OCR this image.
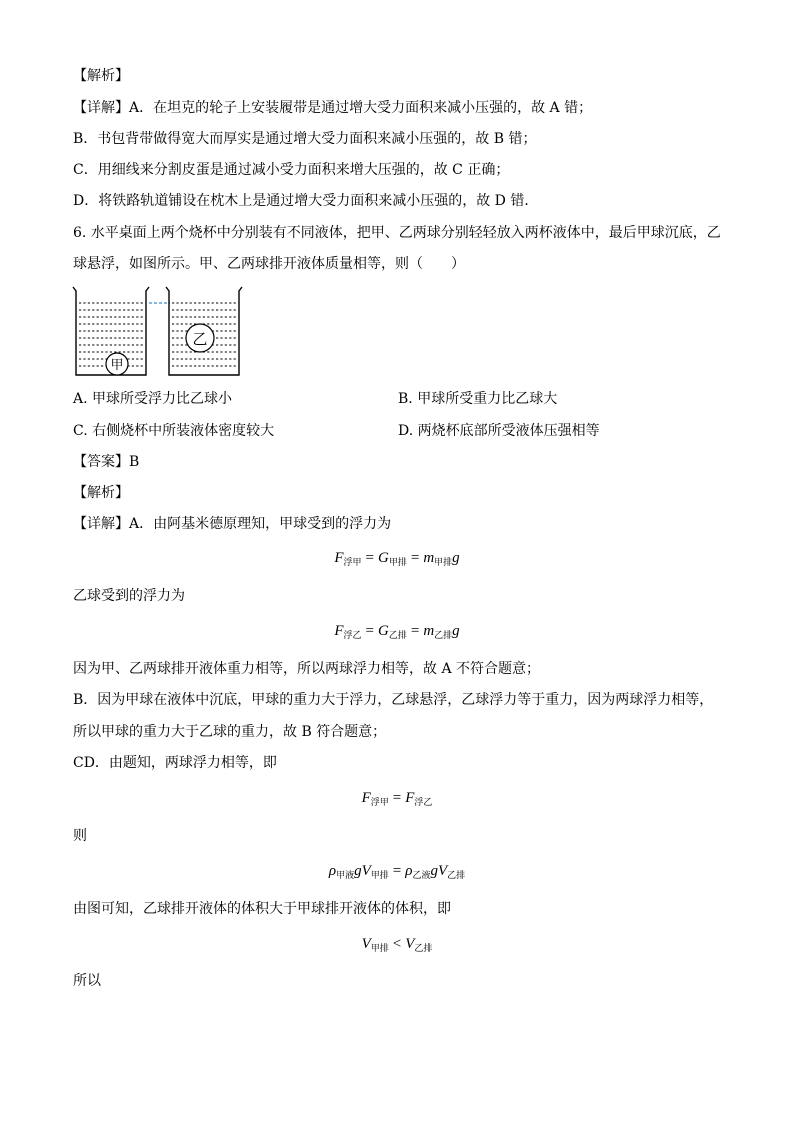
【解析】
【详解】A．在坦克的轮子上安装履带是通过增大受力面积来减小压强的，故 A 错；
B．书包背带做得宽大而厚实是通过增大受力面积来减小压强的，故 B 错；
C．用细线来分割皮蛋是通过减小受力面积来增大压强的，故 C 正确；
D．将铁路轨道铺设在枕木上是通过增大受力面积来减小压强的，故 D 错．
6. 水平桌面上两个烧杯中分别装有不同液体，把甲、乙两球分别轻轻放入两杯液体中，最后甲球沉底，乙
球悬浮，如图所示。甲、乙两球排开液体质量相等，则（　　）
甲
乙
A. 甲球所受浮力比乙球小	B. 甲球所受重力比乙球大
C. 右侧烧杯中所装液体密度较大	D. 两烧杯底部所受液体压强相等
【答案】B
【解析】
【详解】A．由阿基米德原理知，甲球受到的浮力为
$F_{浮甲} = G_{甲排} = m_{甲排}g$
乙球受到的浮力为
$F_{浮乙} = G_{乙排} = m_{乙排}g$
因为甲、乙两球排开液体重力相等，所以两球浮力相等，故 A 不符合题意；
B．因为甲球在液体中沉底，甲球的重力大于浮力，乙球悬浮，乙球浮力等于重力，因为两球浮力相等，
所以甲球的重力大于乙球的重力，故 B 符合题意；
CD．由题知，两球浮力相等，即
$F_{浮甲} = F_{浮乙}$
则
$\rho_{甲液}gV_{甲排} = \rho_{乙液}gV_{乙排}$
由图可知，乙球排开液体的体积大于甲球排开液体的体积，即
$V_{甲排} < V_{乙排}$
所以
